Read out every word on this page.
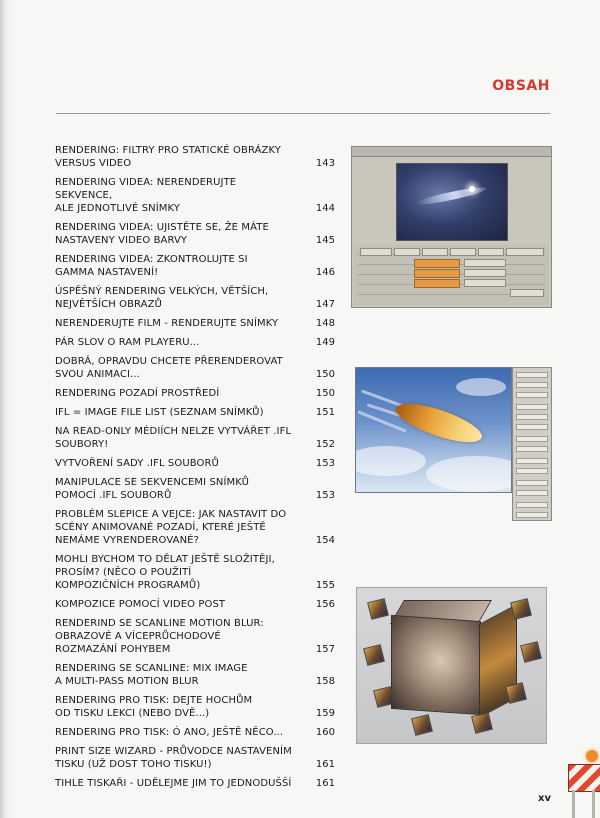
OBSAH
RENDERING: FILTRY PRO STATICKÉ OBRÁZKY
VERSUS VIDEO	143
RENDERING VIDEA: NERENDERUJTE SEKVENCE,
ALE JEDNOTLIVÉ SNÍMKY	144
RENDERING VIDEA: UJISTĚTE SE, ŽE MÁTE
NASTAVENY VIDEO BARVY	145
RENDERING VIDEA: ZKONTROLUJTE SI
GAMMA NASTAVENÍ!	146
ÚSPĚŠNÝ RENDERING VELKÝCH, VĚTŠÍCH,
NEJVĚTŠÍCH OBRAZŮ	147
NERENDERUJTE FILM - RENDERUJTE SNÍMKY	148
PÁR SLOV O RAM PLAYERU...	149
DOBRÁ, OPRAVDU CHCETE PŘERENDEROVAT
SVOU ANIMACI...	150
RENDERING POZADÍ PROSTŘEDÍ	150
IFL = IMAGE FILE LIST (SEZNAM SNÍMKŮ)	151
NA READ-ONLY MÉDIÍCH NELZE VYTVÁŘET .IFL
SOUBORY!	152
VYTVOŘENÍ SADY .IFL SOUBORŮ	153
MANIPULACE SE SEKVENCEMI SNÍMKŮ
POMOCÍ .IFL SOUBORŮ	153
PROBLÉM SLEPICE A VEJCE: JAK NASTAVIT DO
SCÉNY ANIMOVANÉ POZADÍ, KTERÉ JEŠTĚ
NEMÁME VYRENDEROVANÉ?	154
MOHLI BYCHOM TO DĚLAT JEŠTĚ SLOŽITĚJI,
PROSÍM? (NĚCO O POUŽITÍ
KOMPOZIČNÍCH PROGRAMŮ)	155
KOMPOZICE POMOCÍ VIDEO POST	156
RENDERIND SE SCANLINE MOTION BLUR:
OBRAZOVÉ A VÍCEPRŮCHODOVÉ
ROZMAZÁNÍ POHYBEM	157
RENDERING SE SCANLINE: MIX IMAGE
A MULTI-PASS MOTION BLUR	158
RENDERING PRO TISK: DEJTE HOCHŮM
OD TISKU LEKCI (NEBO DVĚ...)	159
RENDERING PRO TISK: Ó ANO, JEŠTĚ NĚCO...	160
PRINT SIZE WIZARD - PRŮVODCE NASTAVENÍM
TISKU (UŽ DOST TOHO TISKU!)	161
TIHLE TISKAŘI - UDĚLEJME JIM TO JEDNODUŠŠÍ	161
xv
